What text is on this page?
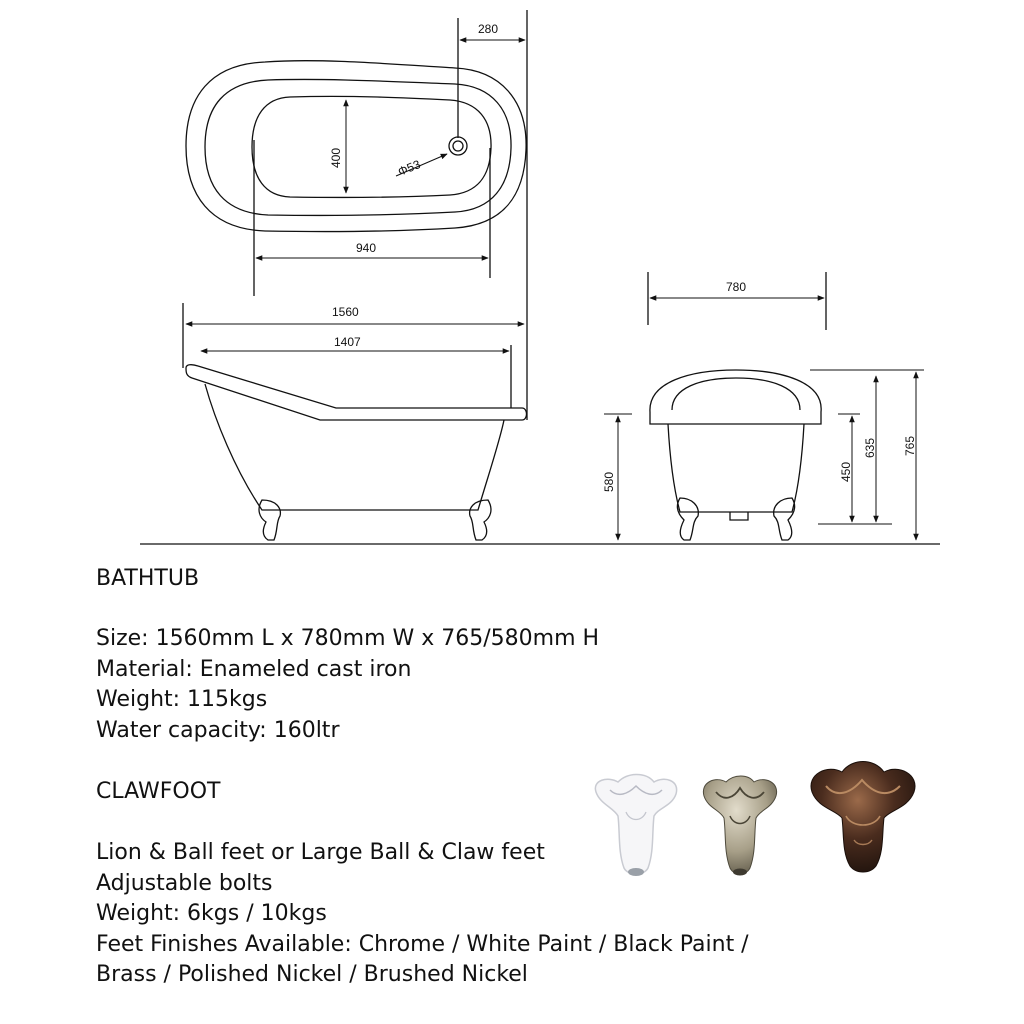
280
400	Φ53
940
1560
1407
580
780
450
635 765
BATHTUB
Size: 1560mm L x 780mm W x 765/580mm H
Material: Enameled cast iron
Weight: 115kgs
Water capacity: 160ltr
CLAWFOOT
Lion & Ball feet or Large Ball & Claw feet
Adjustable bolts
Weight: 6kgs / 10kgs
Feet Finishes Available: Chrome / White Paint / Black Paint /
Brass / Polished Nickel / Brushed Nickel
